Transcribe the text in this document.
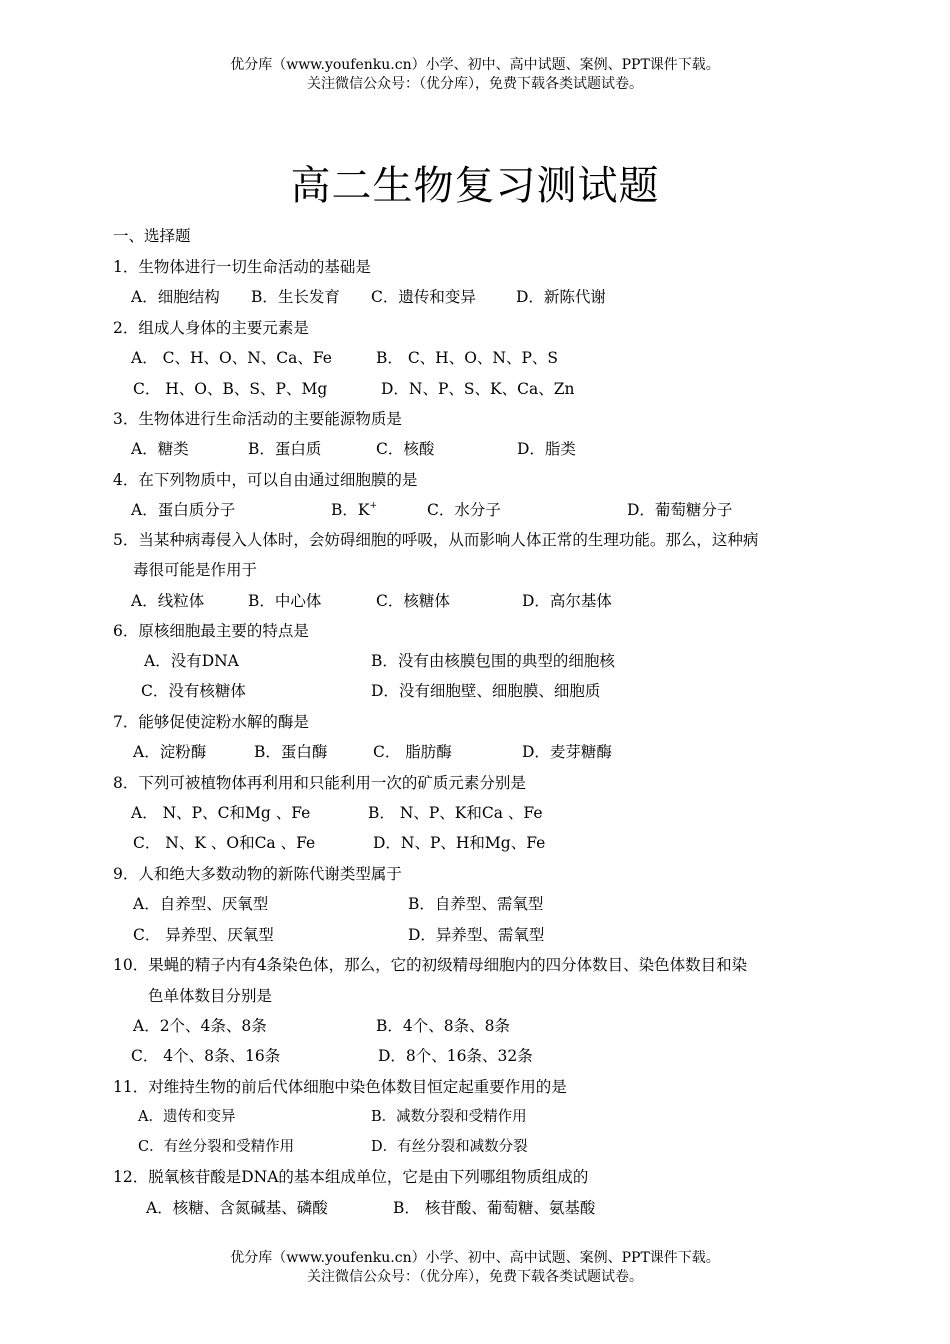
优分库（www.youfenku.cn）小学、初中、高中试题、案例、PPT课件下载。
关注微信公众号：（优分库），免费下载各类试题试卷。
高二生物复习测试题
一、选择题
1．生物体进行一切生命活动的基础是
A．细胞结构 B．生长发育 C．遗传和变异	D．新陈代谢
2．组成人身体的主要元素是
A． C、H、O、N、Ca、Fe	B． C、H、O、N、P、S
C． H、O、B、S、P、Mg	D．N、P、S、K、Ca、Zn
3．生物体进行生命活动的主要能源物质是
A．糖类	B．蛋白质	C．核酸	D．脂类
4．在下列物质中，可以自由通过细胞膜的是
A．蛋白质分子	B．K+	C．水分子	D．葡萄糖分子
5．当某种病毒侵入人体时，会妨碍细胞的呼吸，从而影响人体正常的生理功能。那么，这种病
毒很可能是作用于
A．线粒体	B．中心体	C．核糖体	D．高尔基体
6．原核细胞最主要的特点是
A．没有DNA	B．没有由核膜包围的典型的细胞核
C．没有核糖体	D．没有细胞壁、细胞膜、细胞质
7．能够促使淀粉水解的酶是
A．淀粉酶	B．蛋白酶	C． 脂肪酶	D．麦芽糖酶
8．下列可被植物体再利用和只能利用一次的矿质元素分别是
A． N、P、C和Mg 、Fe	B． N、P、K和Ca 、Fe
C． N、K 、O和Ca 、Fe	D．N、P、H和Mg、Fe
9．人和绝大多数动物的新陈代谢类型属于
A．自养型、厌氧型	B．自养型、需氧型
C． 异养型、厌氧型	D．异养型、需氧型
10．果蝇的精子内有4条染色体，那么，它的初级精母细胞内的四分体数目、染色体数目和染
色单体数目分别是
A．2个、4条、8条	B．4个、8条、8条
C． 4个、8条、16条	D．8个、16条、32条
11．对维持生物的前后代体细胞中染色体数目恒定起重要作用的是
A．遗传和变异	B．减数分裂和受精作用
C．有丝分裂和受精作用	D．有丝分裂和减数分裂
12．脱氧核苷酸是DNA的基本组成单位，它是由下列哪组物质组成的
A．核糖、含氮碱基、磷酸	B． 核苷酸、葡萄糖、氨基酸
优分库（www.youfenku.cn）小学、初中、高中试题、案例、PPT课件下载。
关注微信公众号：（优分库），免费下载各类试题试卷。
